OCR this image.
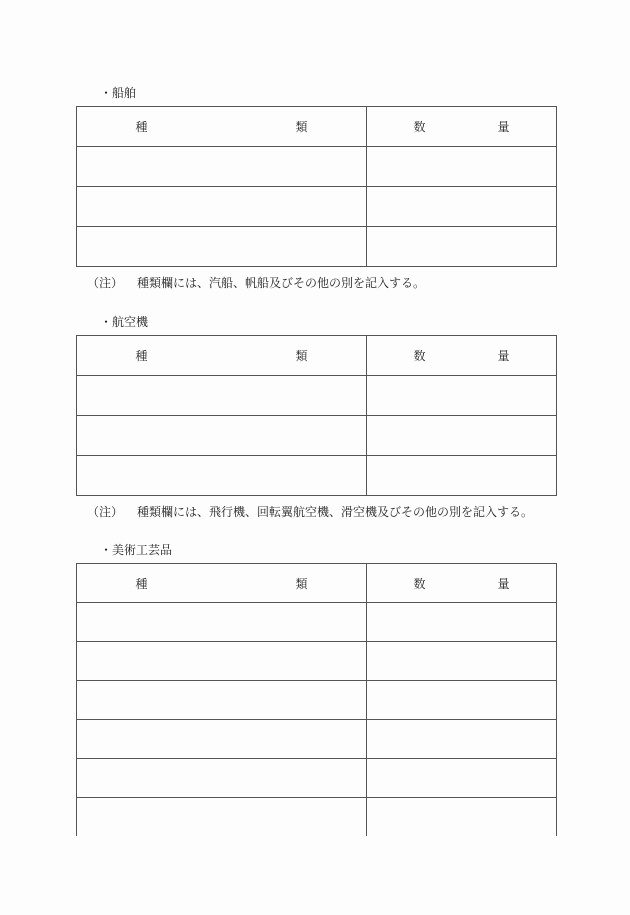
・船舶
種 類	数 量

（注） 種類欄には、汽船、帆船及びその他の別を記入する。
・航空機
種 類	数 量

（注） 種類欄には、飛行機、回転翼航空機、滑空機及びその他の別を記入する。
・美術工芸品
種 類	数 量
